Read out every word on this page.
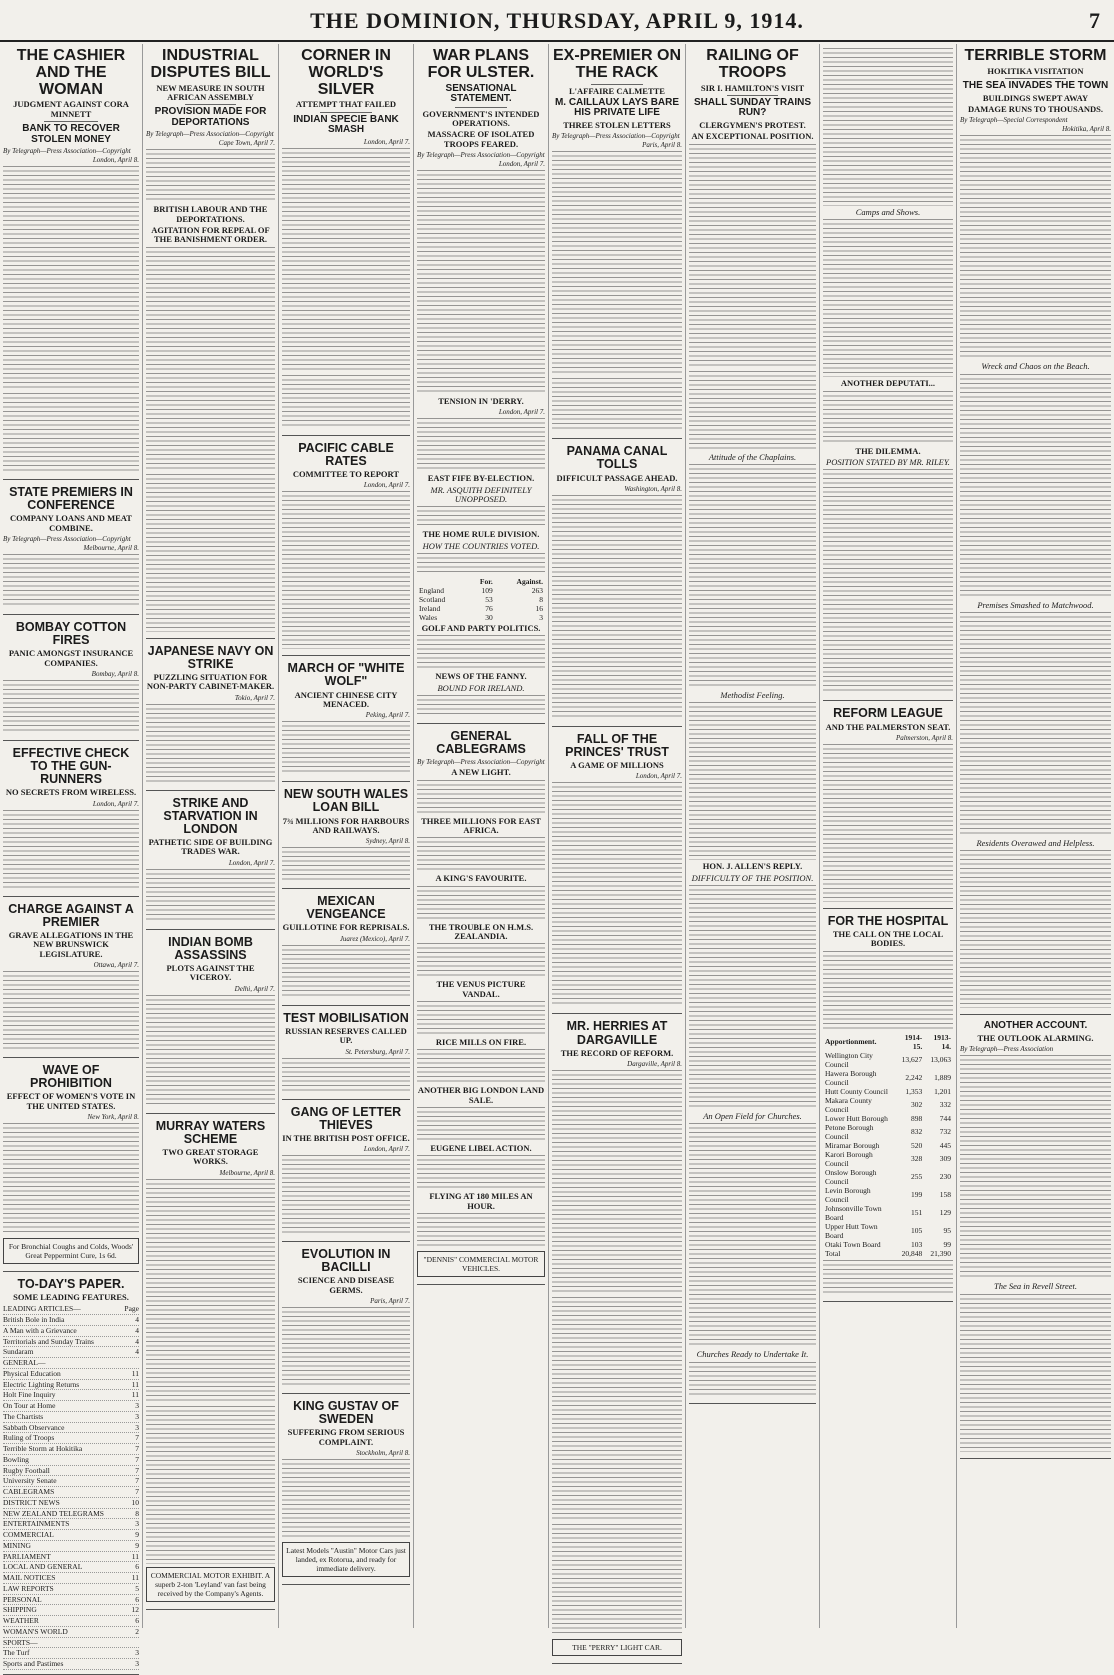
THE DOMINION, THURSDAY, APRIL 9, 1914.	7
THE CASHIER AND THE WOMAN
JUDGMENT AGAINST CORA MINNETT
BANK TO RECOVER STOLEN MONEY
By Telegraph—Press Association—Copyright
London, April 8.
STATE PREMIERS IN CONFERENCE
COMPANY LOANS AND MEAT COMBINE.
By Telegraph—Press Association—Copyright
Melbourne, April 8.
BOMBAY COTTON FIRES
PANIC AMONGST INSURANCE COMPANIES.
Bombay, April 8.
EFFECTIVE CHECK TO THE GUN-RUNNERS
NO SECRETS FROM WIRELESS.
London, April 7.
CHARGE AGAINST A PREMIER
GRAVE ALLEGATIONS IN THE NEW BRUNSWICK LEGISLATURE.
Ottawa, April 7.
WAVE OF PROHIBITION
EFFECT OF WOMEN'S VOTE IN THE UNITED STATES.
New York, April 8.
For Bronchial Coughs and Colds, Woods' Great Peppermint Cure, 1s 6d.
TO-DAY'S PAPER.
SOME LEADING FEATURES.
LEADING ARTICLES—	Page
British Bole in India	4
A Man with a Grievance	4
Territorials and Sunday Trains	4
Sundaram	4
GENERAL—
Physical Education	11
Electric Lighting Returns	11
Holt Fine Inquiry	11
On Tour at Home	3
The Chartists	3
Sabbath Observance	3
Ruling of Troops	7
Terrible Storm at Hokitika	7
Bowling	7
Rugby Football	7
University Senate	7
CABLEGRAMS	7
DISTRICT NEWS	10
NEW ZEALAND TELEGRAMS	8
ENTERTAINMENTS	3
COMMERCIAL	9
MINING	9
PARLIAMENT	11
LOCAL AND GENERAL	6
MAIL NOTICES	11
LAW REPORTS	5
PERSONAL	6
SHIPPING	12
WEATHER	6
WOMAN'S WORLD	2
SPORTS—
The Turf	3
Sports and Pastimes	3
INDUSTRIAL DISPUTES BILL
NEW MEASURE IN SOUTH AFRICAN ASSEMBLY
PROVISION MADE FOR DEPORTATIONS
By Telegraph—Press Association—Copyright
Cape Town, April 7.
BRITISH LABOUR AND THE DEPORTATIONS.
AGITATION FOR REPEAL OF THE BANISHMENT ORDER.
JAPANESE NAVY ON STRIKE
PUZZLING SITUATION FOR NON-PARTY CABINET-MAKER.
Tokio, April 7.
STRIKE AND STARVATION IN LONDON
PATHETIC SIDE OF BUILDING TRADES WAR.
London, April 7.
INDIAN BOMB ASSASSINS
PLOTS AGAINST THE VICEROY.
Delhi, April 7.
MURRAY WATERS SCHEME
TWO GREAT STORAGE WORKS.
Melbourne, April 8.
COMMERCIAL MOTOR EXHIBIT. A superb 2-ton 'Leyland' van fast being received by the Company's Agents.
CORNER IN WORLD'S SILVER
ATTEMPT THAT FAILED
INDIAN SPECIE BANK SMASH
London, April 7.
PACIFIC CABLE RATES
COMMITTEE TO REPORT
London, April 7.
MARCH OF "WHITE WOLF"
ANCIENT CHINESE CITY MENACED.
Peking, April 7.
NEW SOUTH WALES LOAN BILL
7¾ MILLIONS FOR HARBOURS AND RAILWAYS.
Sydney, April 8.
MEXICAN VENGEANCE
GUILLOTINE FOR REPRISALS.
Juarez (Mexico), April 7.
TEST MOBILISATION
RUSSIAN RESERVES CALLED UP.
St. Petersburg, April 7.
GANG OF LETTER THIEVES
IN THE BRITISH POST OFFICE.
London, April 7.
EVOLUTION IN BACILLI
SCIENCE AND DISEASE GERMS.
Paris, April 7.
KING GUSTAV OF SWEDEN
SUFFERING FROM SERIOUS COMPLAINT.
Stockholm, April 8.
Latest Models "Austin" Motor Cars just landed, ex Rotorua, and ready for immediate delivery.
WAR PLANS FOR ULSTER.
SENSATIONAL STATEMENT.
GOVERNMENT'S INTENDED OPERATIONS.
MASSACRE OF ISOLATED TROOPS FEARED.
By Telegraph—Press Association—Copyright
London, April 7.
TENSION IN 'DERRY.
London, April 7.
EAST FIFE BY-ELECTION.
MR. ASQUITH DEFINITELY UNOPPOSED.
THE HOME RULE DIVISION.
HOW THE COUNTRIES VOTED.
	For.	Against.
England	109	263
Scotland	53	8
Ireland	76	16
Wales	30	3
GOLF AND PARTY POLITICS.
NEWS OF THE FANNY.
BOUND FOR IRELAND.
GENERAL CABLEGRAMS
By Telegraph—Press Association—Copyright
A NEW LIGHT.
THREE MILLIONS FOR EAST AFRICA.
A KING'S FAVOURITE.
THE TROUBLE ON H.M.S. ZEALANDIA.
THE VENUS PICTURE VANDAL.
RICE MILLS ON FIRE.
ANOTHER BIG LONDON LAND SALE.
EUGENE LIBEL ACTION.
FLYING AT 180 MILES AN HOUR.
"DENNIS" COMMERCIAL MOTOR VEHICLES.
EX-PREMIER ON THE RACK
L'AFFAIRE CALMETTE
M. CAILLAUX LAYS BARE HIS PRIVATE LIFE
THREE STOLEN LETTERS
By Telegraph—Press Association—Copyright
Paris, April 8.
PANAMA CANAL TOLLS
DIFFICULT PASSAGE AHEAD.
Washington, April 8.
FALL OF THE PRINCES' TRUST
A GAME OF MILLIONS
London, April 7.
MR. HERRIES AT DARGAVILLE
THE RECORD OF REFORM.
Dargaville, April 8.
THE "PERRY" LIGHT CAR.
RAILING OF TROOPS
SIR I. HAMILTON'S VISIT
SHALL SUNDAY TRAINS RUN?
CLERGYMEN'S PROTEST.
AN EXCEPTIONAL POSITION.
Attitude of the Chaplains.
Methodist Feeling.
HON. J. ALLEN'S REPLY.
DIFFICULTY OF THE POSITION.
An Open Field for Churches.
Churches Ready to Undertake It.
Camps and Shows.
ANOTHER DEPUTATI...
THE DILEMMA.
POSITION STATED BY MR. RILEY.
REFORM LEAGUE
AND THE PALMERSTON SEAT.
Palmerston, April 8.
FOR THE HOSPITAL
THE CALL ON THE LOCAL BODIES.
Apportionment.	1914-15.	1913-14.
Wellington City Council	13,627	13,063
Hawera Borough Council	2,242	1,889
Hutt County Council	1,353	1,201
Makara County Council	302	332
Lower Hutt Borough	898	744
Petone Borough Council	832	732
Miramar Borough	520	445
Karori Borough Council	328	309
Onslow Borough Council	255	230
Levin Borough Council	199	158
Johnsonville Town Board	151	129
Upper Hutt Town Board	105	95
Otaki Town Board	103	99
Total	20,848	21,390
TERRIBLE STORM
HOKITIKA VISITATION
THE SEA INVADES THE TOWN
BUILDINGS SWEPT AWAY
DAMAGE RUNS TO THOUSANDS.
By Telegraph—Special Correspondent
Hokitika, April 8.
Wreck and Chaos on the Beach.
Premises Smashed to Matchwood.
Residents Overawed and Helpless.
ANOTHER ACCOUNT.
THE OUTLOOK ALARMING.
By Telegraph—Press Association
The Sea in Revell Street.
